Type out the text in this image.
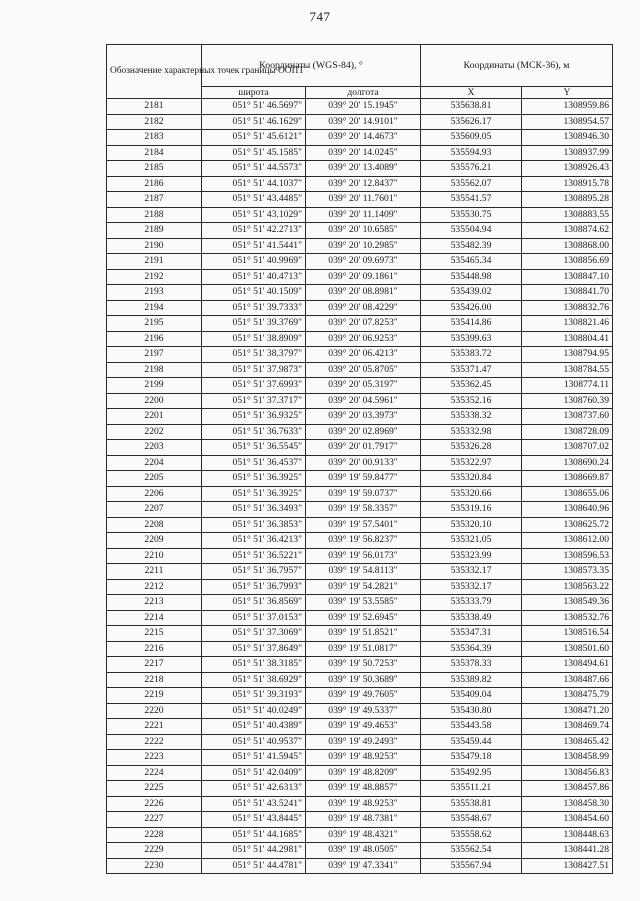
747
Обозначение характерных точек границы ООПТ	Координаты (WGS-84), °		Координаты (МСК-36), м	
	широта	долгота	X	Y
2181	051° 51' 46.5697"	039° 20' 15.1945"	535638.81	1308959.86
2182	051° 51' 46.1629"	039° 20' 14.9101"	535626.17	1308954.57
2183	051° 51' 45.6121"	039° 20' 14.4673"	535609.05	1308946.30
2184	051° 51' 45.1585"	039° 20' 14.0245"	535594.93	1308937.99
2185	051° 51' 44.5573"	039° 20' 13.4089"	535576.21	1308926.43
2186	051° 51' 44.1037"	039° 20' 12.8437"	535562.07	1308915.78
2187	051° 51' 43.4485"	039° 20' 11.7601"	535541.57	1308895.28
2188	051° 51' 43.1029"	039° 20' 11.1409"	535530.75	1308883.55
2189	051° 51' 42.2713"	039° 20' 10.6585"	535504.94	1308874.62
2190	051° 51' 41.5441"	039° 20' 10.2985"	535482.39	1308868.00
2191	051° 51' 40.9969"	039° 20' 09.6973"	535465.34	1308856.69
2192	051° 51' 40.4713"	039° 20' 09.1861"	535448.98	1308847.10
2193	051° 51' 40.1509"	039° 20' 08.8981"	535439.02	1308841.70
2194	051° 51' 39.7333"	039° 20' 08.4229"	535426.00	1308832.76
2195	051° 51' 39.3769"	039° 20' 07.8253"	535414.86	1308821.46
2196	051° 51' 38.8909"	039° 20' 06.9253"	535399.63	1308804.41
2197	051° 51' 38.3797"	039° 20' 06.4213"	535383.72	1308794.95
2198	051° 51' 37.9873"	039° 20' 05.8705"	535371.47	1308784.55
2199	051° 51' 37.6993"	039° 20' 05.3197"	535362.45	1308774.11
2200	051° 51' 37.3717"	039° 20' 04.5961"	535352.16	1308760.39
2201	051° 51' 36.9325"	039° 20' 03.3973"	535338.32	1308737.60
2202	051° 51' 36.7633"	039° 20' 02.8969"	535332.98	1308728.09
2203	051° 51' 36.5545"	039° 20' 01.7917"	535326.28	1308707.02
2204	051° 51' 36.4537"	039° 20' 00.9133"	535322.97	1308690.24
2205	051° 51' 36.3925"	039° 19' 59.8477"	535320.84	1308669.87
2206	051° 51' 36.3925"	039° 19' 59.0737"	535320.66	1308655.06
2207	051° 51' 36.3493"	039° 19' 58.3357"	535319.16	1308640.96
2208	051° 51' 36.3853"	039° 19' 57.5401"	535320.10	1308625.72
2209	051° 51' 36.4213"	039° 19' 56.8237"	535321.05	1308612.00
2210	051° 51' 36.5221"	039° 19' 56.0173"	535323.99	1308596.53
2211	051° 51' 36.7957"	039° 19' 54.8113"	535332.17	1308573.35
2212	051° 51' 36.7993"	039° 19' 54.2821"	535332.17	1308563.22
2213	051° 51' 36.8569"	039° 19' 53.5585"	535333.79	1308549.36
2214	051° 51' 37.0153"	039° 19' 52.6945"	535338.49	1308532.76
2215	051° 51' 37.3069"	039° 19' 51.8521"	535347.31	1308516.54
2216	051° 51' 37.8649"	039° 19' 51.0817"	535364.39	1308501.60
2217	051° 51' 38.3185"	039° 19' 50.7253"	535378.33	1308494.61
2218	051° 51' 38.6929"	039° 19' 50.3689"	535389.82	1308487.66
2219	051° 51' 39.3193"	039° 19' 49.7605"	535409.04	1308475.79
2220	051° 51' 40.0249"	039° 19' 49.5337"	535430.80	1308471.20
2221	051° 51' 40.4389"	039° 19' 49.4653"	535443.58	1308469.74
2222	051° 51' 40.9537"	039° 19' 49.2493"	535459.44	1308465.42
2223	051° 51' 41.5945"	039° 19' 48.9253"	535479.18	1308458.99
2224	051° 51' 42.0409"	039° 19' 48.8209"	535492.95	1308456.83
2225	051° 51' 42.6313"	039° 19' 48.8857"	535511.21	1308457.86
2226	051° 51' 43.5241"	039° 19' 48.9253"	535538.81	1308458.30
2227	051° 51' 43.8445"	039° 19' 48.7381"	535548.67	1308454.60
2228	051° 51' 44.1685"	039° 19' 48.4321"	535558.62	1308448.63
2229	051° 51' 44.2981"	039° 19' 48.0505"	535562.54	1308441.28
2230	051° 51' 44.4781"	039° 19' 47.3341"	535567.94	1308427.51
